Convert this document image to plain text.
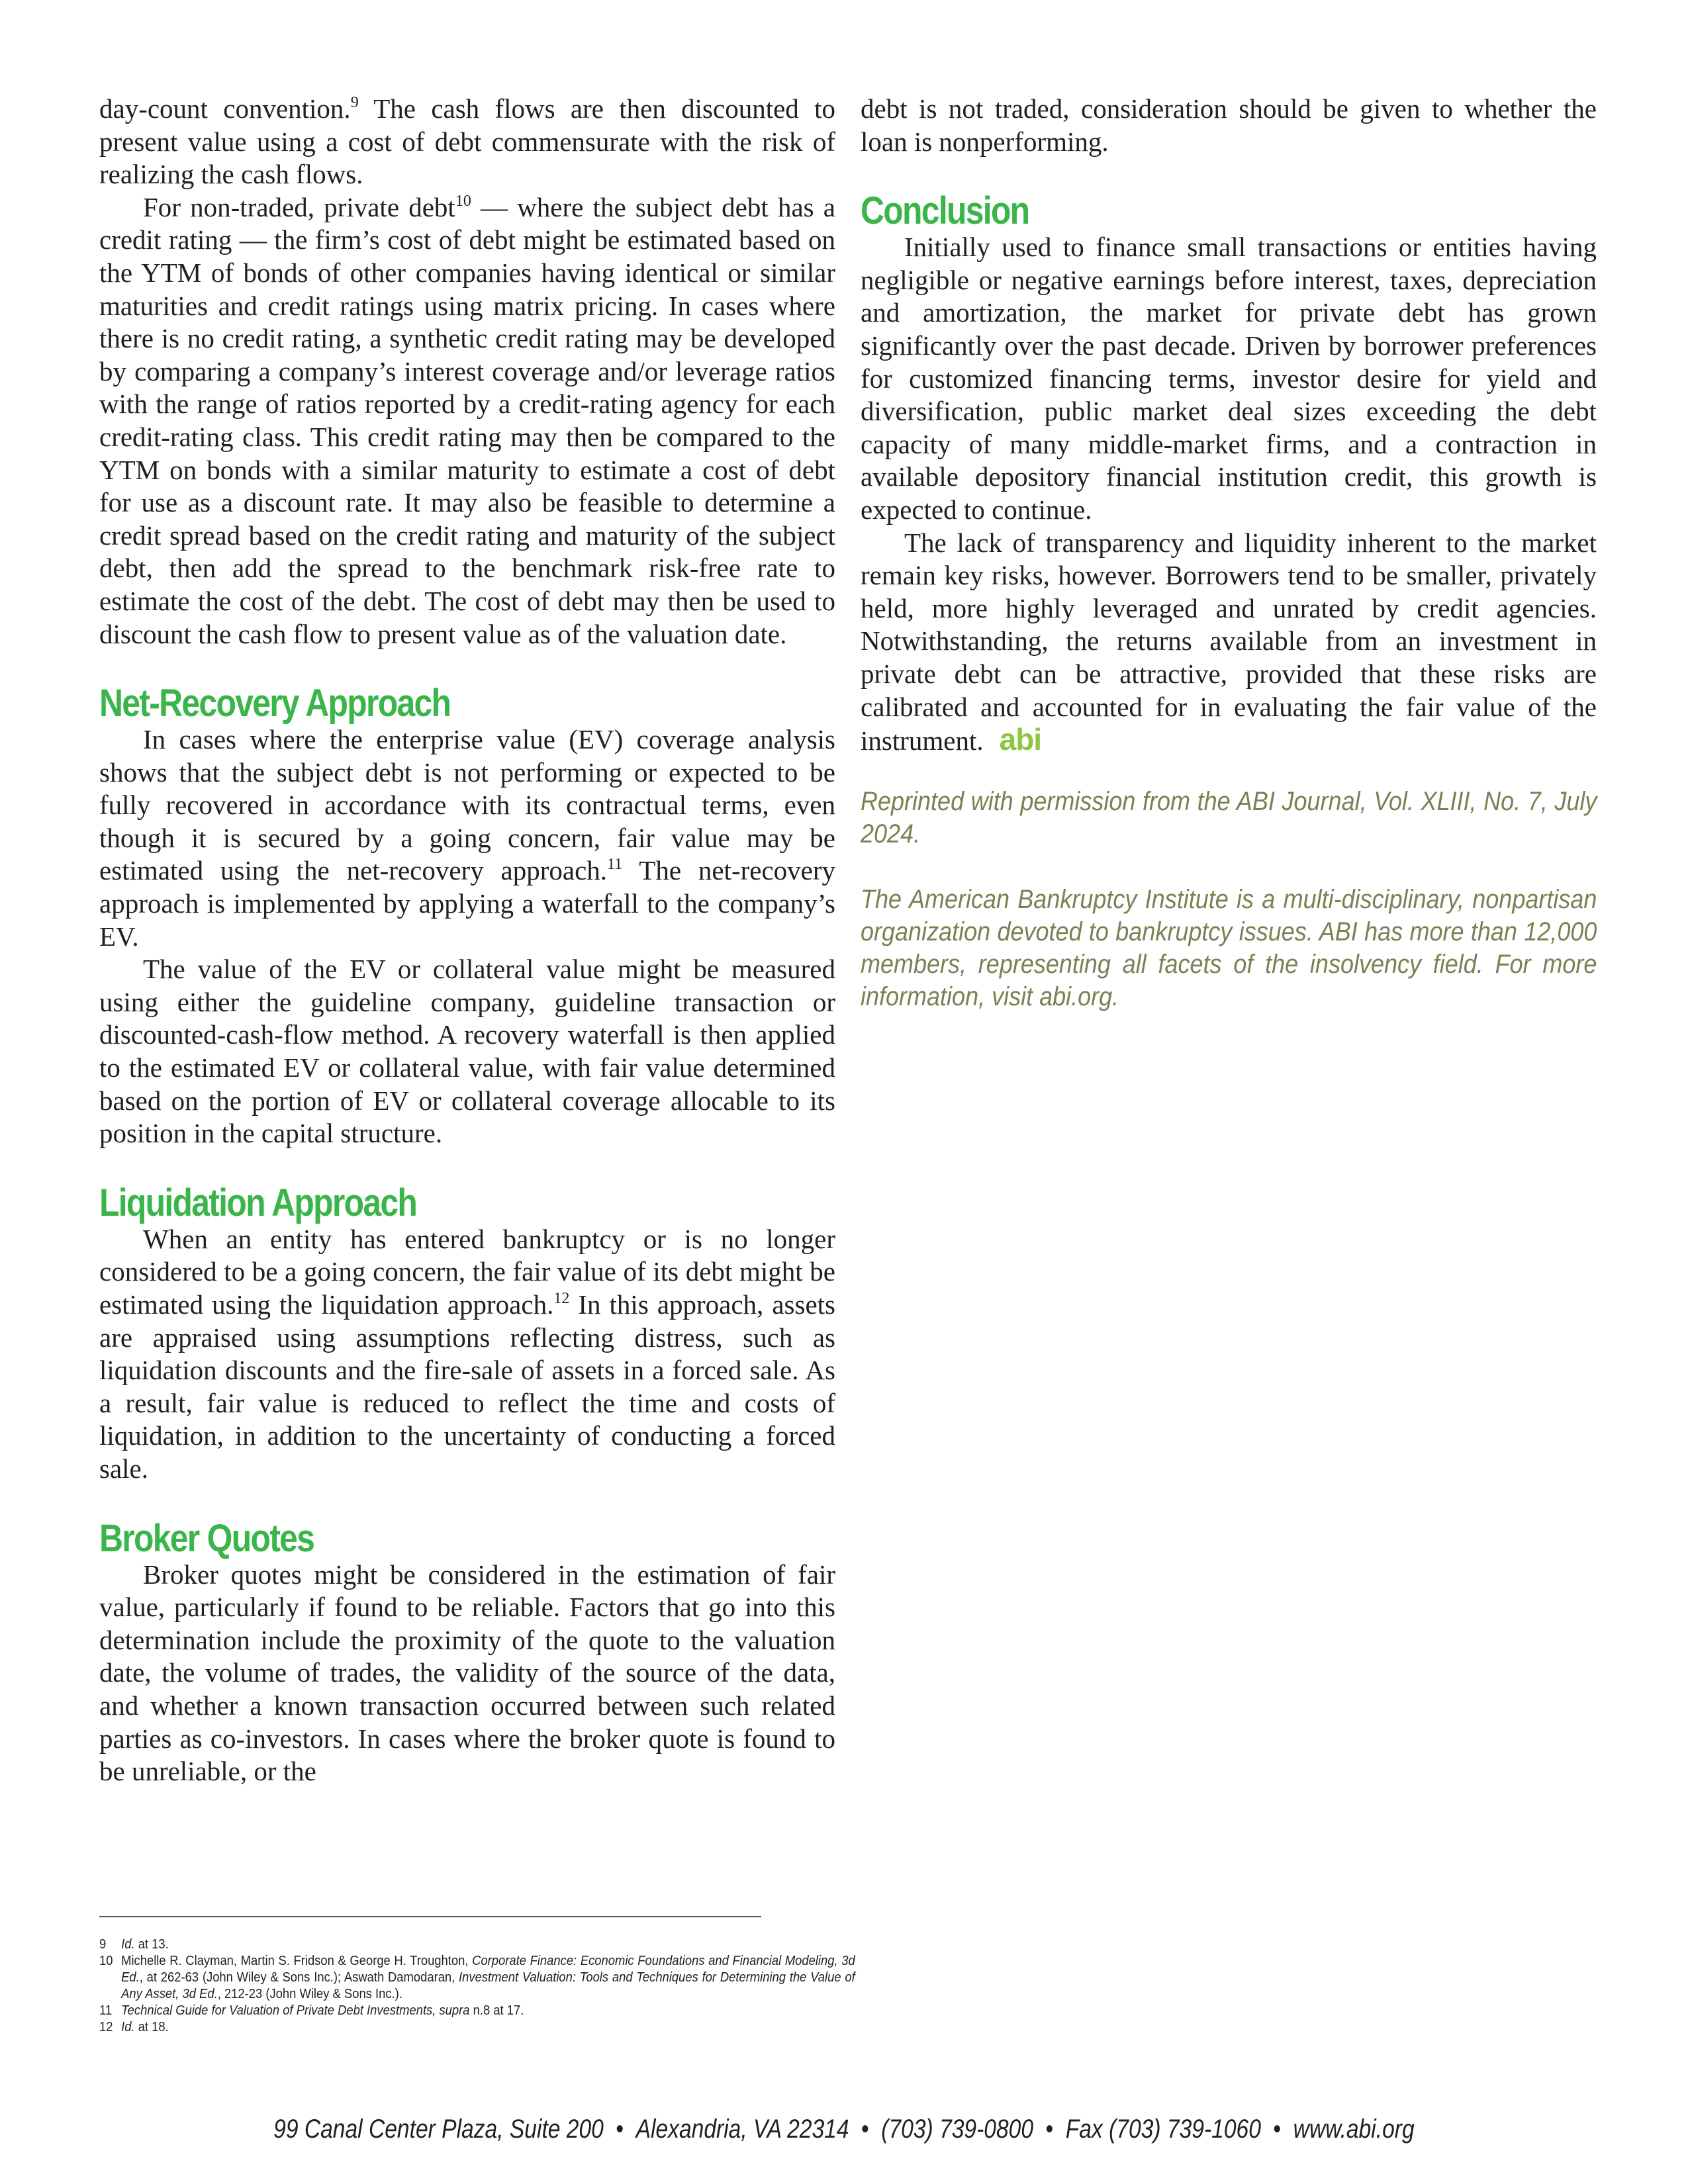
day-count convention.$^9$ The cash flows are then discounted to present value using a cost of debt commensurate with the risk of realizing the cash flows.

For non-traded, private debt$^{10}$ — where the subject debt has a credit rating — the firm’s cost of debt might be estimated based on the YTM of bonds of other companies having identical or similar maturities and credit ratings using matrix pricing. In cases where there is no credit rating, a synthetic credit rating may be developed by comparing a company’s interest coverage and/or leverage ratios with the range of ratios reported by a credit-rating agency for each credit-rating class. This credit rating may then be compared to the YTM on bonds with a similar maturity to estimate a cost of debt for use as a discount rate. It may also be feasible to determine a credit spread based on the credit rating and maturity of the subject debt, then add the spread to the benchmark risk-free rate to estimate the cost of the debt. The cost of debt may then be used to discount the cash flow to present value as of the valuation date.

Net-Recovery Approach

In cases where the enterprise value (EV) coverage analysis shows that the subject debt is not performing or expected to be fully recovered in accordance with its contractual terms, even though it is secured by a going concern, fair value may be estimated using the net-recovery approach.$^{11}$ The net-recovery approach is implemented by applying a waterfall to the company’s EV.

The value of the EV or collateral value might be measured using either the guideline company, guideline transaction or discounted-cash-flow method. A recovery waterfall is then applied to the estimated EV or collateral value, with fair value determined based on the portion of EV or collateral coverage allocable to its position in the capital structure.

Liquidation Approach

When an entity has entered bankruptcy or is no longer considered to be a going concern, the fair value of its debt might be estimated using the liquidation approach.$^{12}$ In this approach, assets are appraised using assumptions reflecting distress, such as liquidation discounts and the fire-sale of assets in a forced sale. As a result, fair value is reduced to reflect the time and costs of liquidation, in addition to the uncertainty of conducting a forced sale.

Broker Quotes

Broker quotes might be considered in the estimation of fair value, particularly if found to be reliable. Factors that go into this determination include the proximity of the quote to the valuation date, the volume of trades, the validity of the source of the data, and whether a known transaction occurred between such related parties as co-investors. In cases where the broker quote is found to be unreliable, or the

debt is not traded, consideration should be given to whether the loan is nonperforming.

Conclusion

Initially used to finance small transactions or entities having negligible or negative earnings before interest, taxes, depreciation and amortization, the market for private debt has grown significantly over the past decade. Driven by borrower preferences for customized financing terms, investor desire for yield and diversification, public market deal sizes exceeding the debt capacity of many middle-market firms, and a contraction in available depository financial institution credit, this growth is expected to continue.

The lack of transparency and liquidity inherent to the market remain key risks, however. Borrowers tend to be smaller, privately held, more highly leveraged and unrated by credit agencies. Notwithstanding, the returns available from an investment in private debt can be attractive, provided that these risks are calibrated and accounted for in evaluating the fair value of the instrument. abi

Reprinted with permission from the ABI Journal, Vol. XLIII, No. 7, July 2024.

The American Bankruptcy Institute is a multi-disciplinary, nonpartisan organization devoted to bankruptcy issues. ABI has more than 12,000 members, representing all facets of the insolvency field. For more information, visit abi.org.

9 Id. at 13.

10 Michelle R. Clayman, Martin S. Fridson & George H. Troughton, Corporate Finance: Economic Foundations and Financial Modeling, 3d Ed., at 262-63 (John Wiley & Sons Inc.); Aswath Damodaran, Investment Valuation: Tools and Techniques for Determining the Value of Any Asset, 3d Ed., 212-23 (John Wiley & Sons Inc.).

11 Technical Guide for Valuation of Private Debt Investments, supra n.8 at 17.

12 Id. at 18.

99 Canal Center Plaza, Suite 200 • Alexandria, VA 22314 • (703) 739-0800 • Fax (703) 739-1060 • www.abi.org
